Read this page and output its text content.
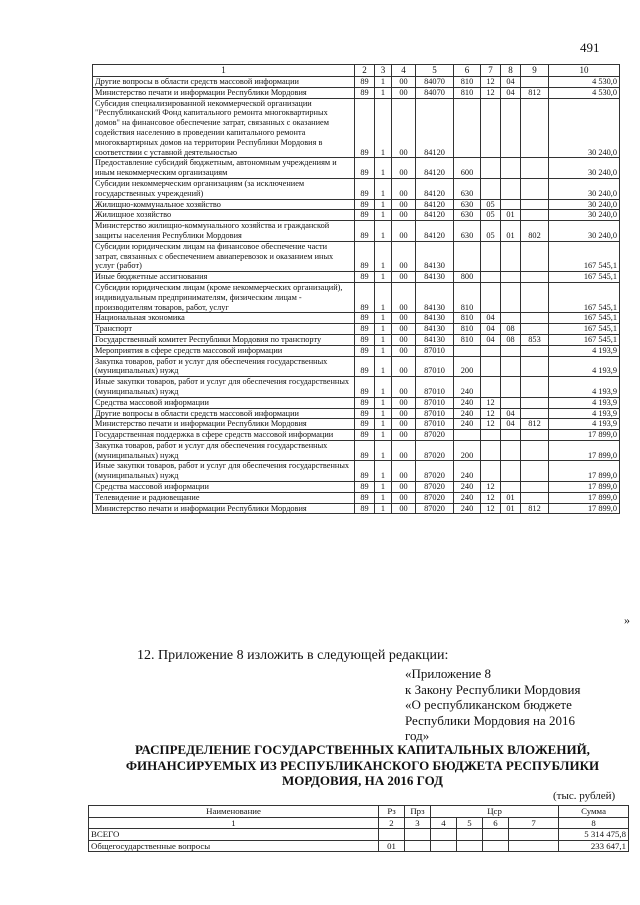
491
1	2	3	4	5	6	7	8	9	10
Другие вопросы в области средств массовой информации	89	1	00	84070	810	12	04		4 530,0
Министерство печати и информации Республики Мордовия	89	1	00	84070	810	12	04	812	4 530,0
Субсидия специализированной некоммерческой организации "Республиканский Фонд капитального ремонта многоквартирных домов" на финансовое обеспечение затрат, связанных с оказанием содействия населению в проведении капитального ремонта многоквартирных домов на территории Республики Мордовия в соответствии с уставной деятельностью	89	1	00	84120					30 240,0
Предоставление субсидий бюджетным, автономным учреждениям и иным некоммерческим организациям	89	1	00	84120	600				30 240,0
Субсидии некоммерческим организациям (за исключением государственных учреждений)	89	1	00	84120	630				30 240,0
Жилищно-коммунальное хозяйство	89	1	00	84120	630	05			30 240,0
Жилищное хозяйство	89	1	00	84120	630	05	01		30 240,0
Министерство жилищно-коммунального хозяйства и гражданской защиты населения Республики Мордовия	89	1	00	84120	630	05	01	802	30 240,0
Субсидии юридическим лицам на финансовое обеспечение части затрат, связанных с обеспечением авиаперевозок и оказанием иных услуг (работ)	89	1	00	84130					167 545,1
Иные бюджетные ассигнования	89	1	00	84130	800				167 545,1
Субсидии юридическим лицам (кроме некоммерческих организаций), индивидуальным предпринимателям, физическим лицам - производителям товаров, работ, услуг	89	1	00	84130	810				167 545,1
Национальная экономика	89	1	00	84130	810	04			167 545,1
Транспорт	89	1	00	84130	810	04	08		167 545,1
Государственный комитет Республики Мордовия по транспорту	89	1	00	84130	810	04	08	853	167 545,1
Мероприятия в сфере средств массовой информации	89	1	00	87010					4 193,9
Закупка товаров, работ и услуг для обеспечения государственных (муниципальных) нужд	89	1	00	87010	200				4 193,9
Иные закупки товаров, работ и услуг для обеспечения государственных (муниципальных) нужд	89	1	00	87010	240				4 193,9
Средства массовой информации	89	1	00	87010	240	12			4 193,9
Другие вопросы в области средств массовой информации	89	1	00	87010	240	12	04		4 193,9
Министерство печати и информации Республики Мордовия	89	1	00	87010	240	12	04	812	4 193,9
Государственная поддержка в сфере средств массовой информации	89	1	00	87020					17 899,0
Закупка товаров, работ и услуг для обеспечения государственных (муниципальных) нужд	89	1	00	87020	200				17 899,0
Иные закупки товаров, работ и услуг для обеспечения государственных (муниципальных) нужд	89	1	00	87020	240				17 899,0
Средства массовой информации	89	1	00	87020	240	12			17 899,0
Телевидение и радиовещание	89	1	00	87020	240	12	01		17 899,0
Министерство печати и информации Республики Мордовия	89	1	00	87020	240	12	01	812	17 899,0
»
12. Приложение 8 изложить в следующей редакции:
«Приложение 8
к Закону Республики Мордовия
«О республиканском бюджете
Республики Мордовия на 2016
год»
РАСПРЕДЕЛЕНИЕ ГОСУДАРСТВЕННЫХ КАПИТАЛЬНЫХ ВЛОЖЕНИЙ,
ФИНАНСИРУЕМЫХ ИЗ РЕСПУБЛИКАНСКОГО БЮДЖЕТА РЕСПУБЛИКИ
МОРДОВИЯ, НА 2016 ГОД
(тыс. рублей)
Наименование	Рз	Прз	Цср				Сумма
1	2	3	4	5	6	7	8
ВСЕГО							5 314 475,8
Общегосударственные вопросы	01						233 647,1
